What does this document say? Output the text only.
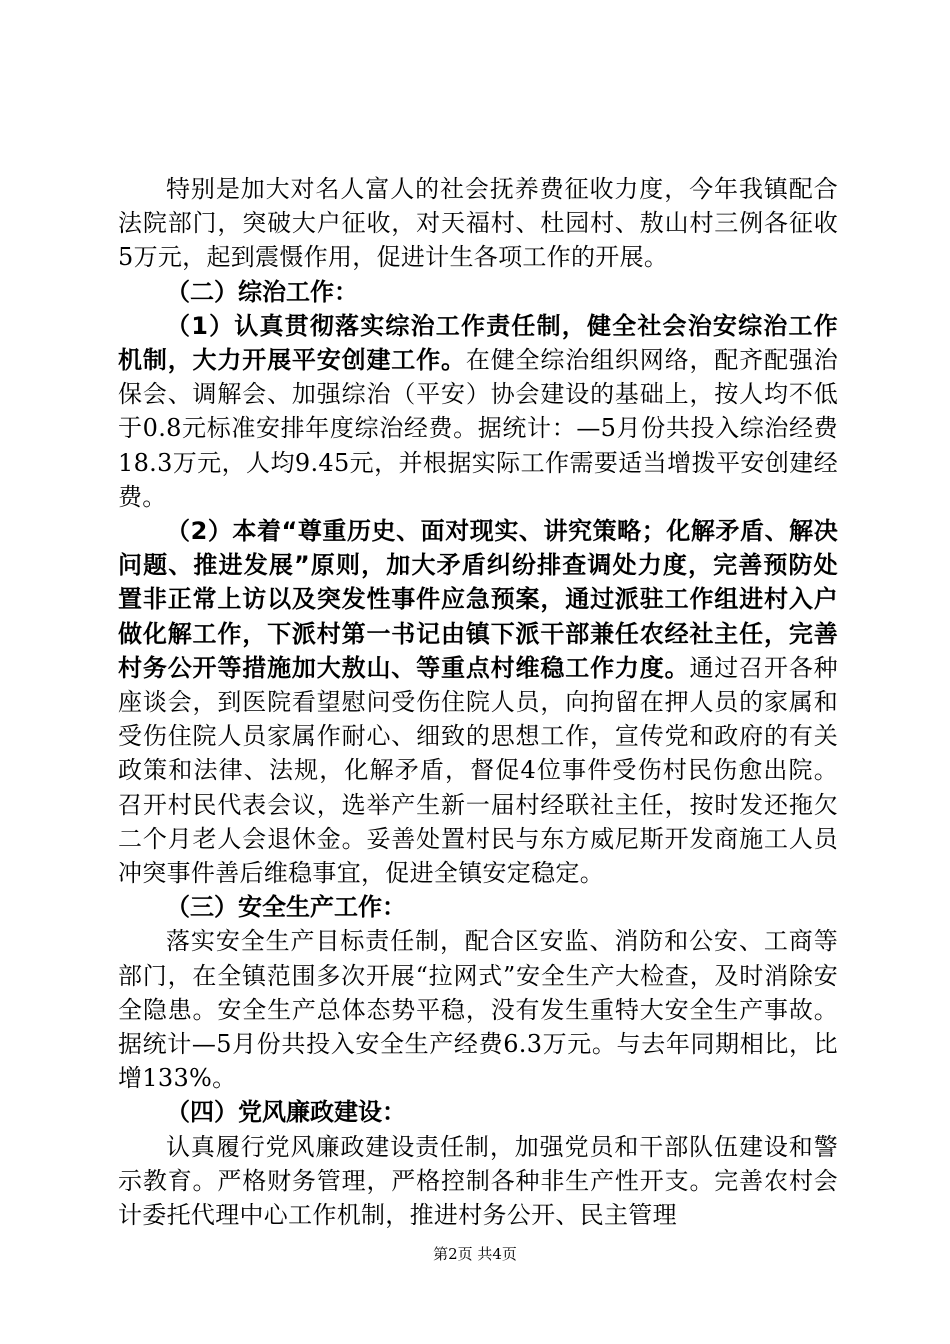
特别是加大对名人富人的社会抚养费征收力度，今年我镇配合法院部门，突破大户征收，对天福村、杜园村、敖山村三例各征收5万元，起到震慑作用，促进计生各项工作的开展。

（二）综治工作：

（1）认真贯彻落实综治工作责任制，健全社会治安综治工作机制，大力开展平安创建工作。在健全综治组织网络，配齐配强治保会、调解会、加强综治（平安）协会建设的基础上，按人均不低于0.8元标准安排年度综治经费。据统计：—5月份共投入综治经费18.3万元，人均9.45元，并根据实际工作需要适当增拨平安创建经费。

（2）本着“尊重历史、面对现实、讲究策略；化解矛盾、解决问题、推进发展”原则，加大矛盾纠纷排查调处力度，完善预防处置非正常上访以及突发性事件应急预案，通过派驻工作组进村入户做化解工作，下派村第一书记由镇下派干部兼任农经社主任，完善村务公开等措施加大敖山、等重点村维稳工作力度。通过召开各种座谈会，到医院看望慰问受伤住院人员，向拘留在押人员的家属和受伤住院人员家属作耐心、细致的思想工作，宣传党和政府的有关政策和法律、法规，化解矛盾，督促4位事件受伤村民伤愈出院。召开村民代表会议，选举产生新一届村经联社主任，按时发还拖欠二个月老人会退休金。妥善处置村民与东方威尼斯开发商施工人员冲突事件善后维稳事宜，促进全镇安定稳定。

（三）安全生产工作：

落实安全生产目标责任制，配合区安监、消防和公安、工商等部门，在全镇范围多次开展“拉网式”安全生产大检查，及时消除安全隐患。安全生产总体态势平稳，没有发生重特大安全生产事故。据统计—5月份共投入安全生产经费6.3万元。与去年同期相比，比增133%。

（四）党风廉政建设：

认真履行党风廉政建设责任制，加强党员和干部队伍建设和警示教育。严格财务管理，严格控制各种非生产性开支。完善农村会计委托代理中心工作机制，推进村务公开、民主管理

第2页 共4页
